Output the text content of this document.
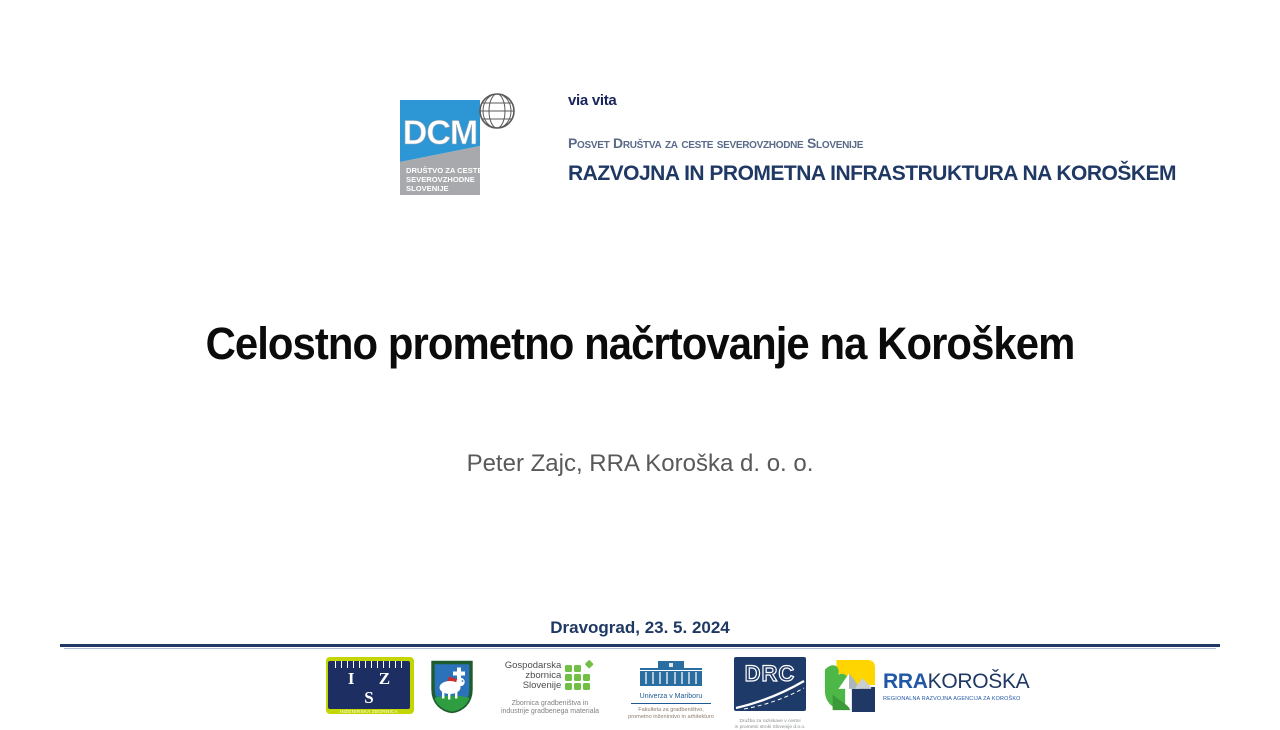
DCM
DRUŠTVO ZA CESTE
SEVEROVZHODNE
SLOVENIJE
via vita
Posvet Društva za ceste severovzhodne Slovenije
RAZVOJNA IN PROMETNA INFRASTRUKTURA NA KOROŠKEM
Celostno prometno načrtovanje na Koroškem
Peter Zajc, RRA Koroška d. o. o.
Dravograd, 23. 5. 2024
I Z S
INŽENIRSKA ZBORNICA SLOVENIJE
Gospodarska
zbornica
Slovenije
Zbornica gradbeništva in
industrije gradbenega materiala
Univerza v Mariboru
Fakulteta za gradbeništvo,
prometno inženirstvo in arhitekturo
DRC
Družba za raziskave v cestni
in prometni stroki Slovenije d.o.o.
RRAKOROŠKA
REGIONALNA RAZVOJNA AGENCIJA ZA KOROŠKO
